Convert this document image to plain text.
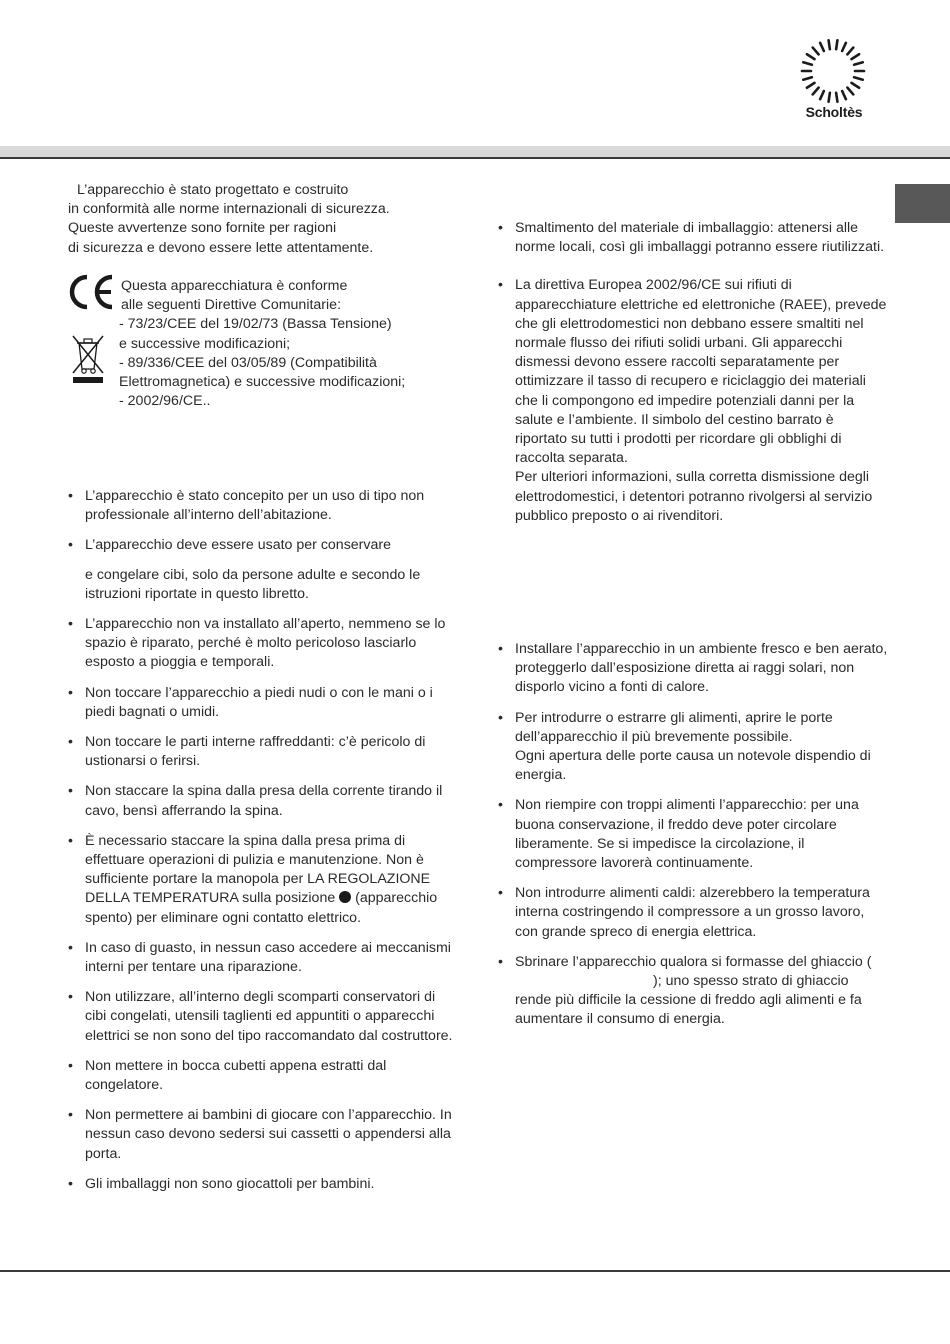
Scholtès

L’apparecchio è stato progettato e costruito

in conformità alle norme internazionali di sicurezza.

Queste avvertenze sono fornite per ragioni

di sicurezza e devono essere lette attentamente.

Questa apparecchiatura è conforme

alle seguenti Direttive Comunitarie:

- 73/23/CEE del 19/02/73 (Bassa Tensione)

e successive modificazioni;

- 89/336/CEE del 03/05/89 (Compatibilità

Elettromagnetica) e successive modificazioni;

- 2002/96/CE..

• L’apparecchio è stato concepito per un uso di tipo non professionale all’interno dell’abitazione.

• L’apparecchio deve essere usato per conservare

e congelare cibi, solo da persone adulte e secondo le istruzioni riportate in questo libretto.

• L’apparecchio non va installato all’aperto, nemmeno se lo spazio è riparato, perché è molto pericoloso lasciarlo esposto a pioggia e temporali.

• Non toccare l’apparecchio a piedi nudi o con le mani o i piedi bagnati o umidi.

• Non toccare le parti interne raffreddanti: c’è pericolo di ustionarsi o ferirsi.

• Non staccare la spina dalla presa della corrente tirando il cavo, bensì afferrando la spina.

• È necessario staccare la spina dalla presa prima di effettuare operazioni di pulizia e manutenzione. Non è sufficiente portare la manopola per LA REGOLAZIONE DELLA TEMPERATURA sulla posizione (apparecchio spento) per eliminare ogni contatto elettrico.

• In caso di guasto, in nessun caso accedere ai meccanismi interni per tentare una riparazione.

• Non utilizzare, all’interno degli scomparti conservatori di cibi congelati, utensili taglienti ed appuntiti o apparecchi elettrici se non sono del tipo raccomandato dal costruttore.

• Non mettere in bocca cubetti appena estratti dal congelatore.

• Non permettere ai bambini di giocare con l’apparecchio. In nessun caso devono sedersi sui cassetti o appendersi alla porta.

• Gli imballaggi non sono giocattoli per bambini.

• Smaltimento del materiale di imballaggio: attenersi alle norme locali, così gli imballaggi potranno essere riutilizzati.

• La direttiva Europea 2002/96/CE sui rifiuti di apparecchiature elettriche ed elettroniche (RAEE), prevede che gli elettrodomestici non debbano essere smaltiti nel normale flusso dei rifiuti solidi urbani. Gli apparecchi dismessi devono essere raccolti separatamente per ottimizzare il tasso di recupero e riciclaggio dei materiali che li compongono ed impedire potenziali danni per la salute e l’ambiente. Il simbolo del cestino barrato è riportato su tutti i prodotti per ricordare gli obblighi di raccolta separata.

Per ulteriori informazioni, sulla corretta dismissione degli elettrodomestici, i detentori potranno rivolgersi al servizio pubblico preposto o ai rivenditori.

• Installare l’apparecchio in un ambiente fresco e ben aerato, proteggerlo dall’esposizione diretta ai raggi solari, non disporlo vicino a fonti di calore.

• Per introdurre o estrarre gli alimenti, aprire le porte dell’apparecchio il più brevemente possibile.

Ogni apertura delle porte causa un notevole dispendio di energia.

• Non riempire con troppi alimenti l’apparecchio: per una buona conservazione, il freddo deve poter circolare liberamente. Se si impedisce la circolazione, il compressore lavorerà continuamente.

• Non introdurre alimenti caldi: alzerebbero la temperatura interna costringendo il compressore a un grosso lavoro, con grande spreco di energia elettrica.

• Sbrinare l’apparecchio qualora si formasse del ghiaccio (); uno spesso strato di ghiaccio rende più difficile la cessione di freddo agli alimenti e fa aumentare il consumo di energia.
